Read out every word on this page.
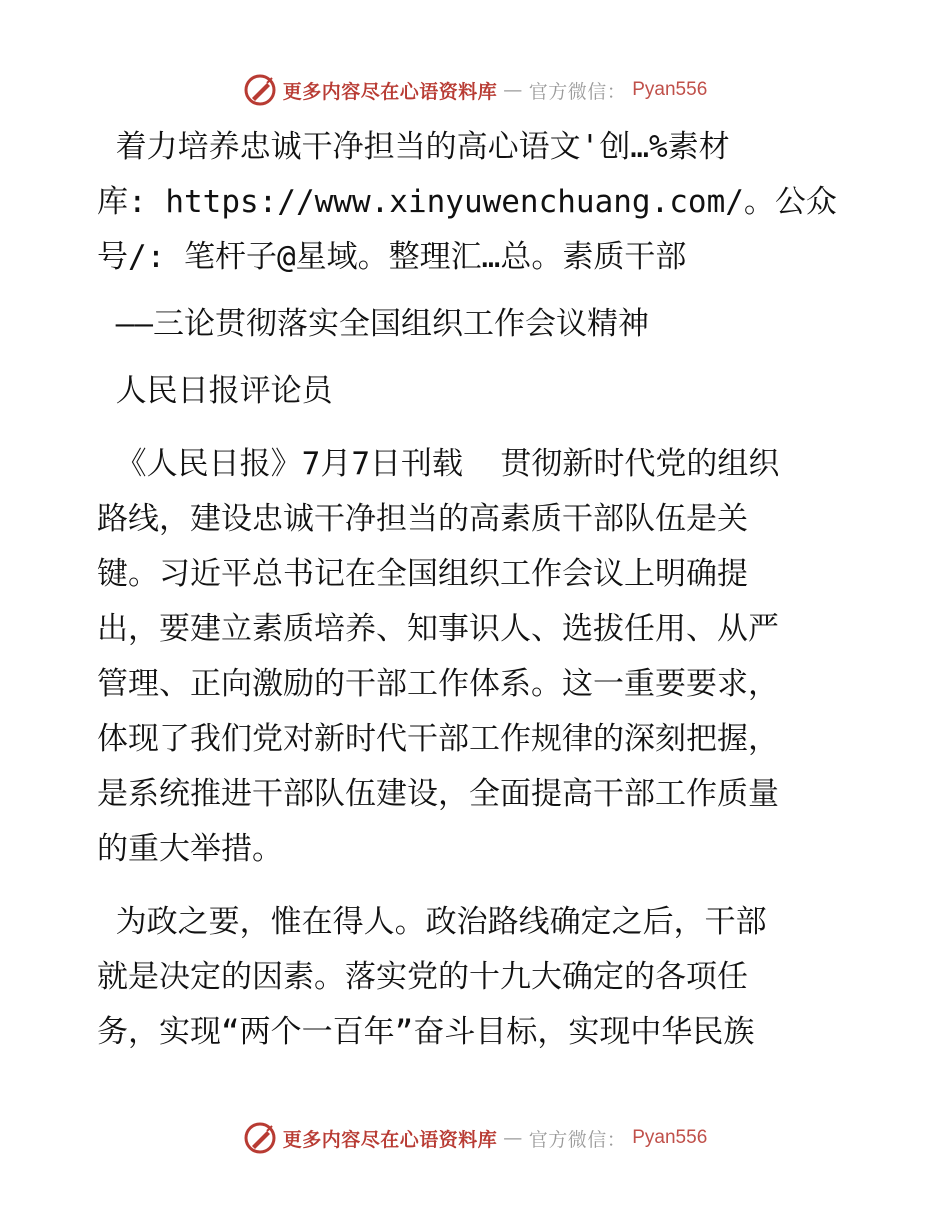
更多内容尽在心语资料库 — 官方微信： Pyan556
着力培养忠诚干净担当的高心语文'创…%素材
库: https://www.xinyuwenchuang.com/。公众
号/: 笔杆子@星域。整理汇…总。素质干部
——三论贯彻落实全国组织工作会议精神
人民日报评论员
《人民日报》7月7日刊载  贯彻新时代党的组织
路线，建设忠诚干净担当的高素质干部队伍是关
键。习近平总书记在全国组织工作会议上明确提
出，要建立素质培养、知事识人、选拔任用、从严
管理、正向激励的干部工作体系。这一重要要求，
体现了我们党对新时代干部工作规律的深刻把握，
是系统推进干部队伍建设，全面提高干部工作质量
的重大举措。
为政之要，惟在得人。政治路线确定之后，干部
就是决定的因素。落实党的十九大确定的各项任
务，实现“两个一百年”奋斗目标，实现中华民族
更多内容尽在心语资料库 — 官方微信： Pyan556
